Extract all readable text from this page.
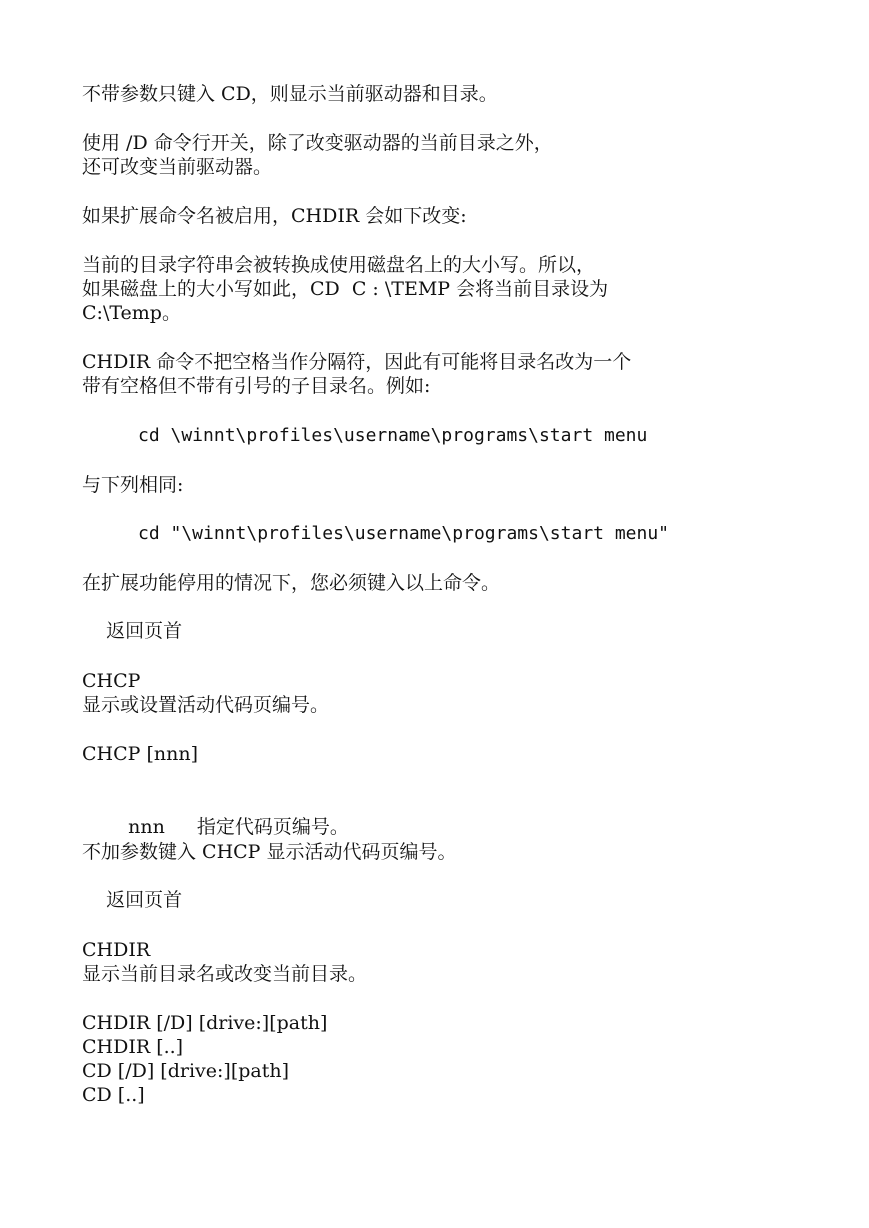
不带参数只键入 CD，则显示当前驱动器和目录。
使用 /D 命令行开关，除了改变驱动器的当前目录之外，
还可改变当前驱动器。
如果扩展命令名被启用，CHDIR 会如下改变:
当前的目录字符串会被转换成使用磁盘名上的大小写。所以，
如果磁盘上的大小写如此，CD  C : \TEMP 会将当前目录设为
C:\Temp。
CHDIR 命令不把空格当作分隔符，因此有可能将目录名改为一个
带有空格但不带有引号的子目录名。例如:
cd \winnt\profiles\username\programs\start menu
与下列相同:
cd "\winnt\profiles\username\programs\start menu"
在扩展功能停用的情况下，您必须键入以上命令。

返回页首

CHCP
显示或设置活动代码页编号。
CHCP [nnn]

nnn 指定代码页编号。

不加参数键入 CHCP 显示活动代码页编号。

返回页首

CHDIR
显示当前目录名或改变当前目录。
CHDIR [/D] [drive:][path]
CHDIR [..]
CD [/D] [drive:][path]
CD [..]
